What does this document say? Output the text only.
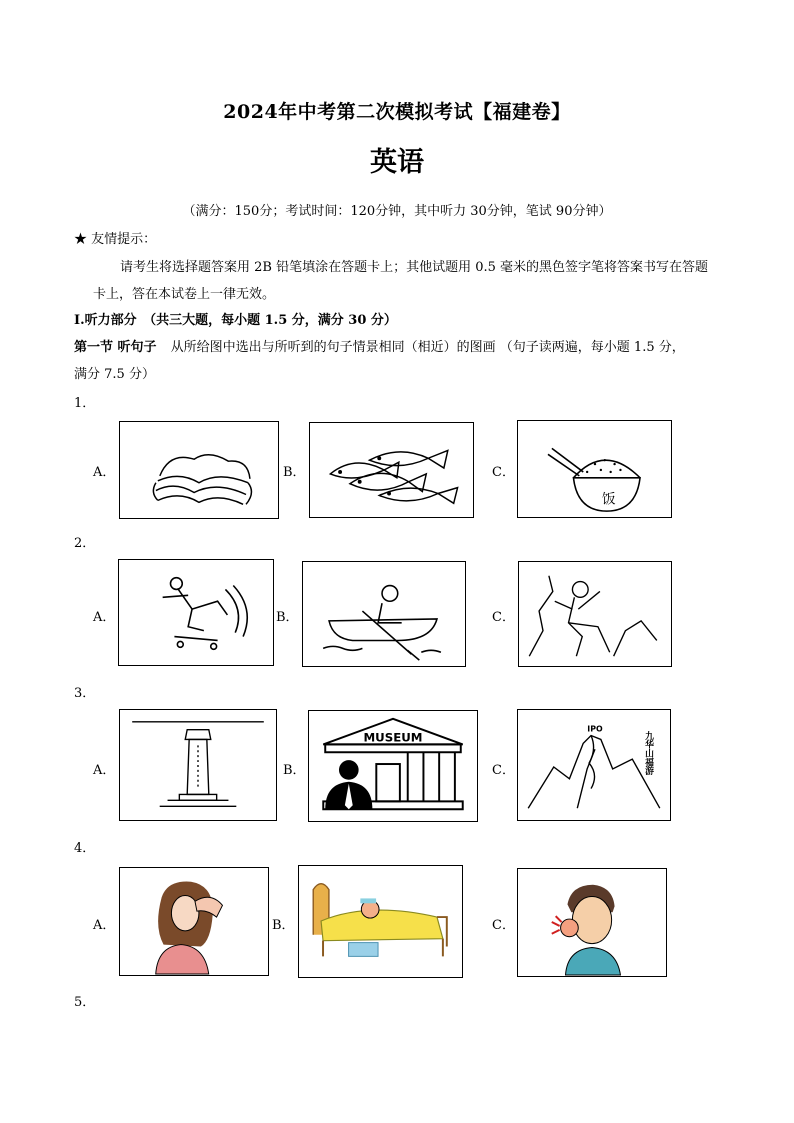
2024年中考第二次模拟考试【福建卷】
英语
（满分：150分；考试时间：120分钟，其中听力 30分钟，笔试 90分钟）
★ 友情提示：
请考生将选择题答案用 2B 铅笔填涂在答题卡上；其他试题用 0.5 毫米的黑色签字笔将答案书写在答题
卡上，答在本试卷上一律无效。
I.听力部分　（共三大题，每小题 1.5 分，满分 30 分）
第一节 听句子 从所给图中选出与所听到的句子情景相同（相近）的图画 （句子读两遍，每小题 1.5 分，
满分 7.5 分）
1．
A．	B．	C．
饭
2．
A．	B．	C．
3．
A．	B．
MUSEUM
C．
IPO
九华山福游
4．
A．	B．	C．
5．
